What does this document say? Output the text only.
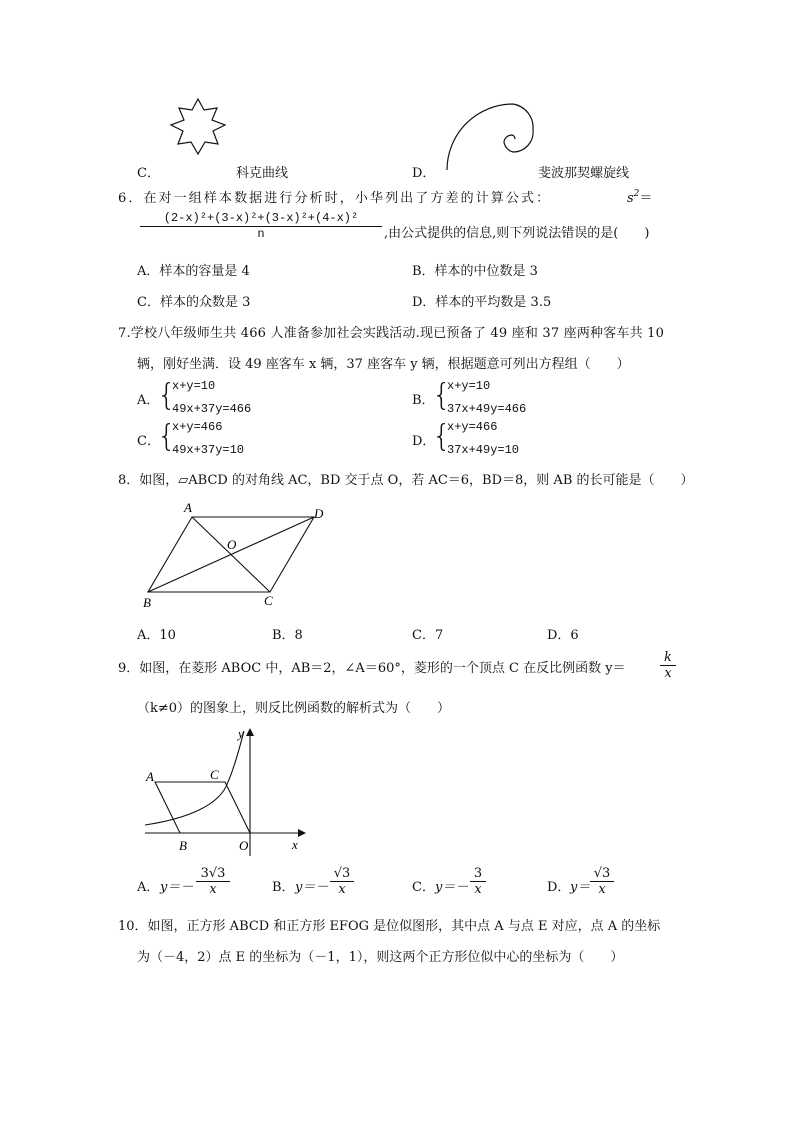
C．	科克曲线	D．	斐波那契螺旋线
6．在对一组样本数据进行分析时，小华列出了方差的计算公式：	$s^2=$
$\frac{\text{(2-x)²+(3-x)²+(3-x)²+(4-x)²}}{n}$ ,由公式提供的信息,则下列说法错误的是(　　)
A．样本的容量是 4	B．样本的中位数是 3
C．样本的众数是 3	D．样本的平均数是 3.5
7.学校八年级师生共 466 人准备参加社会实践活动.现已预备了 49 座和 37 座两种客车共 10
辆，刚好坐满．设 49 座客车 x 辆，37 座客车 y 辆，根据题意可列出方程组（　　）
A．
{
x+y=10
49x+37y=466
B．
{
x+y=10
37x+49y=466
C．
{
x+y=466
49x+37y=10
D．
{
x+y=466
37x+49y=10
8．如图，▱ABCD 的对角线 AC，BD 交于点 O，若 AC＝6，BD＝8，则 AB 的长可能是（　　）
A	D
O
B	C
A．10	B．8	C．7	D．6
9．如图，在菱形 ABOC 中，AB＝2，∠A＝60°，菱形的一个顶点 C 在反比例函数 y＝	$\frac{k}{x}$
（k≠0）的图象上，则反比例函数的解析式为（　　）
y
x
A	C
B	O
A． $y=- \frac{3√3}{x}$	B． $y=- \frac{√3}{x}$	C． $y=- \frac{3}{x}$	D． $y= \frac{√3}{x}$
10．如图，正方形 ABCD 和正方形 EFOG 是位似图形，其中点 A 与点 E 对应，点 A 的坐标
为（－4，2）点 E 的坐标为（－1，1），则这两个正方形位似中心的坐标为（　　）
